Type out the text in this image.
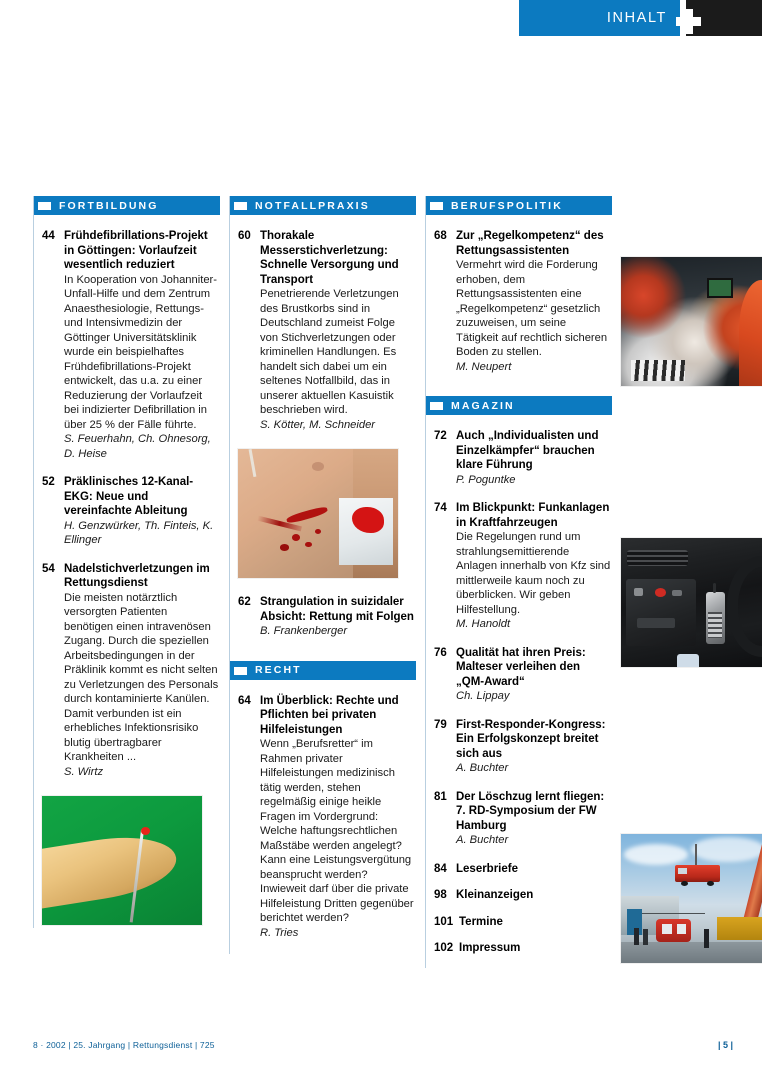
INHALT
FORTBILDUNG
44 Frühdefibrillations-Projekt in Göttingen: Vorlaufzeit wesentlich reduziert
In Kooperation von Johanniter-Unfall-Hilfe und dem Zentrum Anaesthesiologie, Rettungs- und Intensivmedizin der Göttinger Universitätsklinik wurde ein beispielhaftes Frühdefibrillations-Projekt entwickelt, das u.a. zu einer Reduzierung der Vorlaufzeit bei indizierter Defibrillation in über 25 % der Fälle führte.
S. Feuerhahn, Ch. Ohnesorg, D. Heise
52 Präklinisches 12-Kanal-EKG: Neue und vereinfachte Ableitung
H. Genzwürker, Th. Finteis, K. Ellinger
54 Nadelstichverletzungen im Rettungsdienst
Die meisten notärztlich versorgten Patienten benötigen einen intravenösen Zugang. Durch die speziellen Arbeitsbedingungen in der Präklinik kommt es nicht selten zu Verletzungen des Personals durch kontaminierte Kanülen. Damit verbunden ist ein erhebliches Infektionsrisiko blutig übertragbarer Krankheiten ...
S. Wirtz
NOTFALLPRAXIS
60 Thorakale Messerstichverletzung: Schnelle Versorgung und Transport
Penetrierende Verletzungen des Brustkorbs sind in Deutschland zumeist Folge von Stichverletzungen oder kriminellen Handlungen. Es handelt sich dabei um ein seltenes Notfallbild, das in unserer aktuellen Kasuistik beschrieben wird.
S. Kötter, M. Schneider
62 Strangulation in suizidaler Absicht: Rettung mit Folgen
B. Frankenberger
RECHT
64 Im Überblick: Rechte und Pflichten bei privaten Hilfeleistungen
Wenn „Berufsretter“ im Rahmen privater Hilfeleistungen medizinisch tätig werden, stehen regelmäßig einige heikle Fragen im Vordergrund: Welche haftungsrechtlichen Maßstäbe werden angelegt? Kann eine Leistungsvergütung beansprucht werden? Inwieweit darf über die private Hilfeleistung Dritten gegenüber berichtet werden?
R. Tries
BERUFSPOLITIK
68 Zur „Regelkompetenz“ des Rettungsassistenten
Vermehrt wird die Forderung erhoben, dem Rettungsassistenten eine „Regelkompetenz“ gesetzlich zuzuweisen, um seine Tätigkeit auf rechtlich sicheren Boden zu stellen.
M. Neupert
MAGAZIN
72 Auch „Individualisten und Einzelkämpfer“ brauchen klare Führung
P. Poguntke
74 Im Blickpunkt: Funkanlagen in Kraftfahrzeugen
Die Regelungen rund um strahlungsemittierende Anlagen innerhalb von Kfz sind mittlerweile kaum noch zu überblicken. Wir geben Hilfestellung.
M. Hanoldt
76 Qualität hat ihren Preis: Malteser verleihen den „QM-Award“
Ch. Lippay
79 First-Responder-Kongress: Ein Erfolgskonzept breitet sich aus
A. Buchter
81 Der Löschzug lernt fliegen: 7. RD-Symposium der FW Hamburg
A. Buchter
84 Leserbriefe
98 Kleinanzeigen
101 Termine
102 Impressum
8 · 2002 | 25. Jahrgang | Rettungsdienst | 725	| 5 |
